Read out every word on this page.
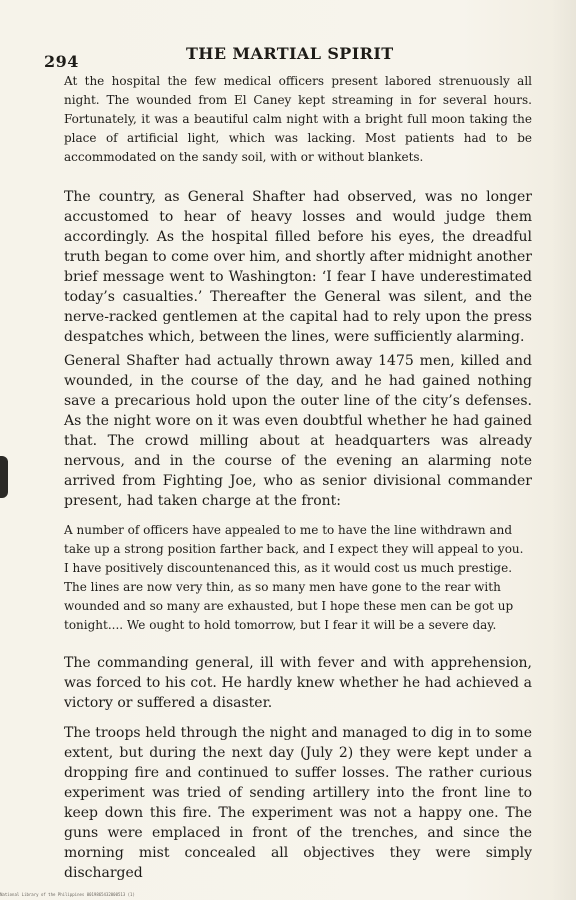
294	THE MARTIAL SPIRIT

At the hospital the few medical officers present labored strenuously all night. The wounded from El Caney kept streaming in for several hours. Fortunately, it was a beautiful calm night with a bright full moon taking the place of artificial light, which was lacking. Most patients had to be accommodated on the sandy soil, with or without blankets.

The country, as General Shafter had observed, was no longer accustomed to hear of heavy losses and would judge them accordingly. As the hospital filled before his eyes, the dreadful truth began to come over him, and shortly after midnight another brief message went to Washington: ‘I fear I have underestimated today’s casualties.’ Thereafter the General was silent, and the nerve-racked gentlemen at the capital had to rely upon the press despatches which, between the lines, were sufficiently alarming.

General Shafter had actually thrown away 1475 men, killed and wounded, in the course of the day, and he had gained nothing save a precarious hold upon the outer line of the city’s defenses. As the night wore on it was even doubtful whether he had gained that. The crowd milling about at headquarters was already nervous, and in the course of the evening an alarming note arrived from Fighting Joe, who as senior divisional commander present, had taken charge at the front:

A number of officers have appealed to me to have the line withdrawn and take up a strong position farther back, and I expect they will appeal to you. I have positively discountenanced this, as it would cost us much prestige. The lines are now very thin, as so many men have gone to the rear with wounded and so many are exhausted, but I hope these men can be got up tonight.... We ought to hold tomorrow, but I fear it will be a severe day.

The commanding general, ill with fever and with apprehension, was forced to his cot. He hardly knew whether he had achieved a victory or suffered a disaster.

The troops held through the night and managed to dig in to some extent, but during the next day (July 2) they were kept under a dropping fire and continued to suffer losses. The rather curious experiment was tried of sending artillery into the front line to keep down this fire. The experiment was not a happy one. The guns were emplaced in front of the trenches, and since the morning mist concealed all objectives they were simply discharged

National Library of the Philippines 0019865432000513 (1)
